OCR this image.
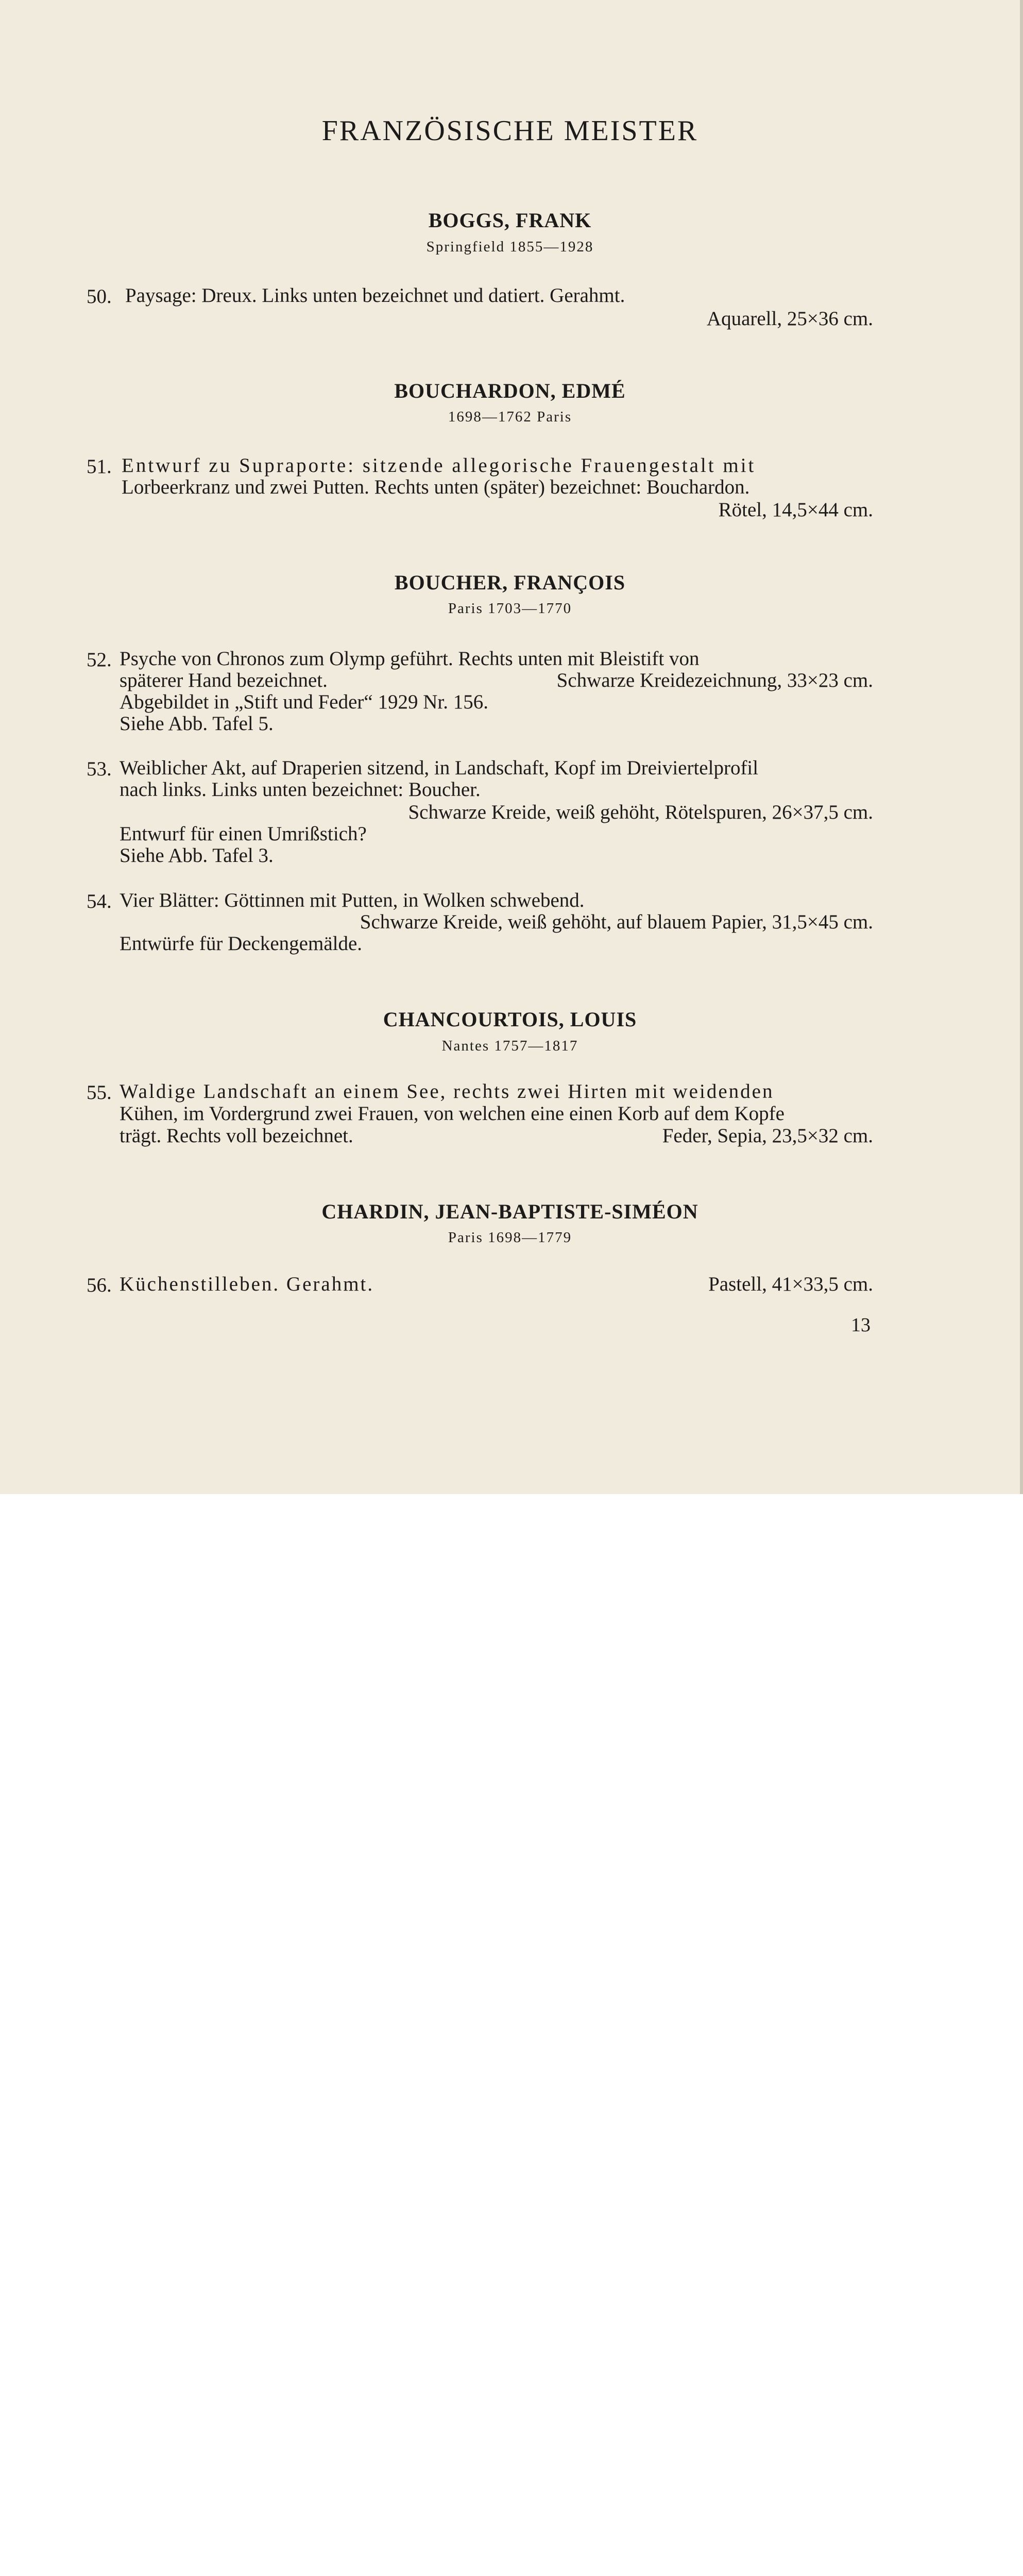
FRANZÖSISCHE MEISTER
BOGGS, FRANK
Springfield 1855—1928
50. Paysage: Dreux. Links unten bezeichnet und datiert. Gerahmt.
Aquarell, 25×36 cm.
BOUCHARDON, EDMÉ
1698—1762 Paris
51. Entwurf zu Supraporte: sitzende allegorische Frauengestalt mit
Lorbeerkranz und zwei Putten. Rechts unten (später) bezeichnet: Bouchardon.
Rötel, 14,5×44 cm.
BOUCHER, FRANÇOIS
Paris 1703—1770
52. Psyche von Chronos zum Olymp geführt. Rechts unten mit Bleistift von
späterer Hand bezeichnet.	Schwarze Kreidezeichnung, 33×23 cm.
Abgebildet in „Stift und Feder“ 1929 Nr. 156.
Siehe Abb. Tafel 5.
53. Weiblicher Akt, auf Draperien sitzend, in Landschaft, Kopf im Dreiviertelprofil
nach links. Links unten bezeichnet: Boucher.
Schwarze Kreide, weiß gehöht, Rötelspuren, 26×37,5 cm.
Entwurf für einen Umrißstich?
Siehe Abb. Tafel 3.
54. Vier Blätter: Göttinnen mit Putten, in Wolken schwebend.
Schwarze Kreide, weiß gehöht, auf blauem Papier, 31,5×45 cm.
Entwürfe für Deckengemälde.
CHANCOURTOIS, LOUIS
Nantes 1757—1817
55. Waldige Landschaft an einem See, rechts zwei Hirten mit weidenden
Kühen, im Vordergrund zwei Frauen, von welchen eine einen Korb auf dem Kopfe
trägt. Rechts voll bezeichnet.	Feder, Sepia, 23,5×32 cm.
CHARDIN, JEAN-BAPTISTE-SIMÉON
Paris 1698—1779
56. Küchenstilleben. Gerahmt.	Pastell, 41×33,5 cm.
13
